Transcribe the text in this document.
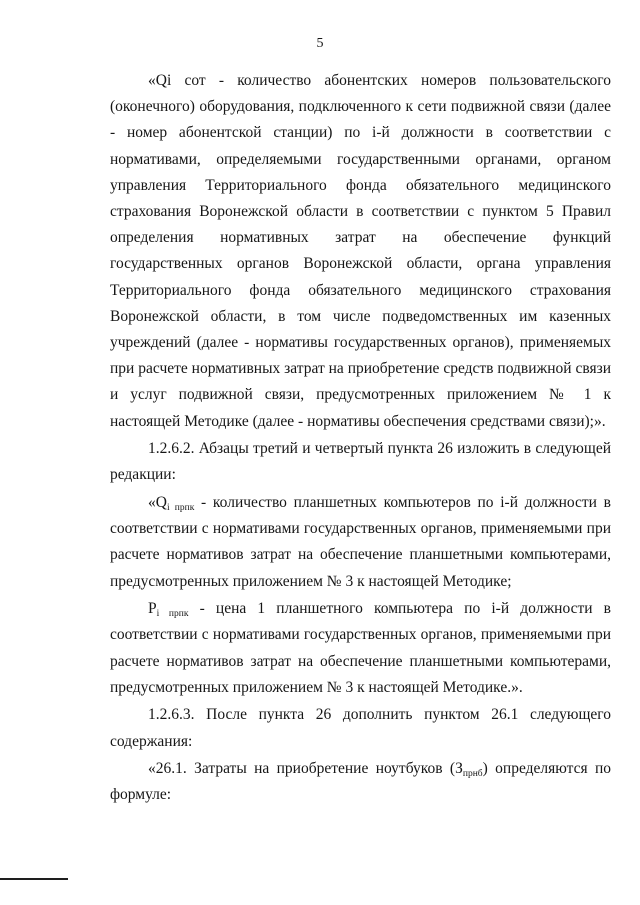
5

«Qi сот - количество абонентских номеров пользовательского (оконечного) оборудования, подключенного к сети подвижной связи (далее - номер абонентской станции) по i-й должности в соответствии с нормативами, определяемыми государственными органами, органом управления Территориального фонда обязательного медицинского страхования Воронежской области в соответствии с пунктом 5 Правил определения нормативных затрат на обеспечение функций государственных органов Воронежской области, органа управления Территориального фонда обязательного медицинского страхования Воронежской области, в том числе подведомственных им казенных учреждений (далее - нормативы государственных органов), применяемых при расчете нормативных затрат на приобретение средств подвижной связи и услуг подвижной связи, предусмотренных приложением № 1 к настоящей Методике (далее - нормативы обеспечения средствами связи);».

1.2.6.2. Абзацы третий и четвертый пункта 26 изложить в следующей редакции:

«$Q_{i прпк}$ - количество планшетных компьютеров по i-й должности в соответствии с нормативами государственных органов, применяемыми при расчете нормативов затрат на обеспечение планшетными компьютерами, предусмотренных приложением № 3 к настоящей Методике;

$P_{i прпк}$ - цена 1 планшетного компьютера по i-й должности в соответствии с нормативами государственных органов, применяемыми при расчете нормативов затрат на обеспечение планшетными компьютерами, предусмотренных приложением № 3 к настоящей Методике.».

1.2.6.3. После пункта 26 дополнить пунктом 26.1 следующего содержания:

«26.1. Затраты на приобретение ноутбуков $(З_{прнб})$ определяются по формуле:
